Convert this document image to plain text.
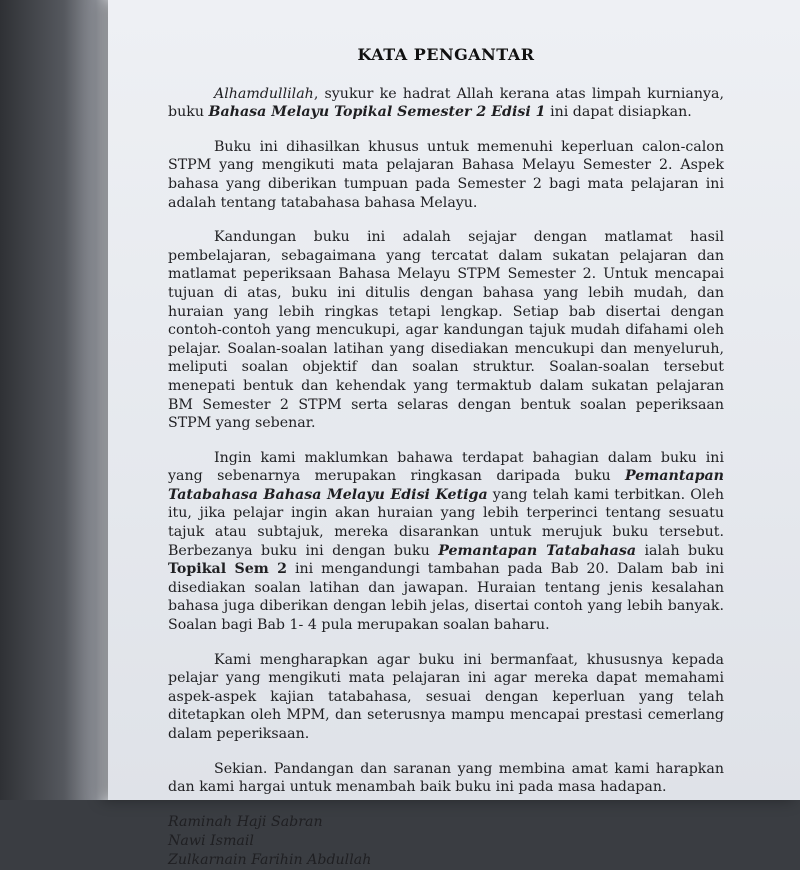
KATA PENGANTAR

Alhamdullilah, syukur ke hadrat Allah kerana atas limpah kurnianya, buku Bahasa Melayu Topikal Semester 2 Edisi 1 ini dapat disiapkan.

Buku ini dihasilkan khusus untuk memenuhi keperluan calon-calon STPM yang mengikuti mata pelajaran Bahasa Melayu Semester 2. Aspek bahasa yang diberikan tumpuan pada Semester 2 bagi mata pelajaran ini adalah tentang tatabahasa bahasa Melayu.

Kandungan buku ini adalah sejajar dengan matlamat hasil pembelajaran, sebagaimana yang tercatat dalam sukatan pelajaran dan matlamat peperiksaan Bahasa Melayu STPM Semester 2. Untuk mencapai tujuan di atas, buku ini ditulis dengan bahasa yang lebih mudah, dan huraian yang lebih ringkas tetapi lengkap. Setiap bab disertai dengan contoh-contoh yang mencukupi, agar kandungan tajuk mudah difahami oleh pelajar. Soalan-soalan latihan yang disediakan mencukupi dan menyeluruh, meliputi soalan objektif dan soalan struktur. Soalan-soalan tersebut menepati bentuk dan kehendak yang termaktub dalam sukatan pelajaran BM Semester 2 STPM serta selaras dengan bentuk soalan peperiksaan STPM yang sebenar.

Ingin kami maklumkan bahawa terdapat bahagian dalam buku ini yang sebenarnya merupakan ringkasan daripada buku Pemantapan Tatabahasa Bahasa Melayu Edisi Ketiga yang telah kami terbitkan. Oleh itu, jika pelajar ingin akan huraian yang lebih terperinci tentang sesuatu tajuk atau subtajuk, mereka disarankan untuk merujuk buku tersebut. Berbezanya buku ini dengan buku Pemantapan Tatabahasa ialah buku Topikal Sem 2 ini mengandungi tambahan pada Bab 20. Dalam bab ini disediakan soalan latihan dan jawapan. Huraian tentang jenis kesalahan bahasa juga diberikan dengan lebih jelas, disertai contoh yang lebih banyak. Soalan bagi Bab 1- 4 pula merupakan soalan baharu.

Kami mengharapkan agar buku ini bermanfaat, khususnya kepada pelajar yang mengikuti mata pelajaran ini agar mereka dapat memahami aspek-aspek kajian tatabahasa, sesuai dengan keperluan yang telah ditetapkan oleh MPM, dan seterusnya mampu mencapai prestasi cemerlang dalam peperiksaan.

Sekian. Pandangan dan saranan yang membina amat kami harapkan dan kami hargai untuk menambah baik buku ini pada masa hadapan.

Raminah Haji Sabran
Nawi Ismail
Zulkarnain Farihin Abdullah
